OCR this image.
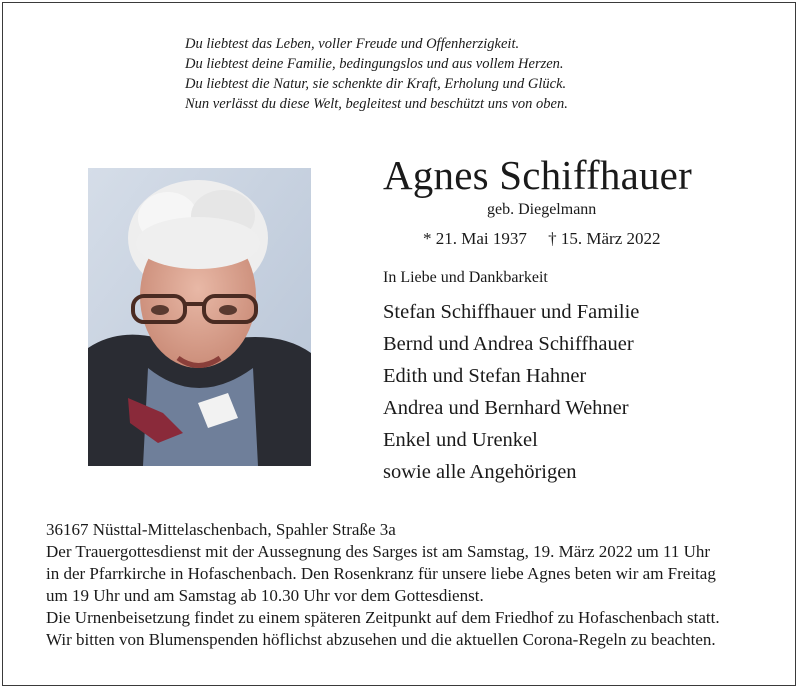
Du liebtest das Leben, voller Freude und Offenherzigkeit.
Du liebtest deine Familie, bedingungslos und aus vollem Herzen.
Du liebtest die Natur, sie schenkte dir Kraft, Erholung und Glück.
Nun verlässt du diese Welt, begleitest und beschützt uns von oben.
Agnes Schiffhauer
geb. Diegelmann
* 21. Mai 1937 † 15. März 2022
In Liebe und Dankbarkeit
Stefan Schiffhauer und Familie
Bernd und Andrea Schiffhauer
Edith und Stefan Hahner
Andrea und Bernhard Wehner
Enkel und Urenkel
sowie alle Angehörigen
36167 Nüsttal-Mittelaschenbach, Spahler Straße 3a
Der Trauergottesdienst mit der Aussegnung des Sarges ist am Samstag, 19. März 2022 um 11 Uhr
in der Pfarrkirche in Hofaschenbach. Den Rosenkranz für unsere liebe Agnes beten wir am Freitag
um 19 Uhr und am Samstag ab 10.30 Uhr vor dem Gottesdienst.
Die Urnenbeisetzung findet zu einem späteren Zeitpunkt auf dem Friedhof zu Hofaschenbach statt.
Wir bitten von Blumenspenden höflichst abzusehen und die aktuellen Corona-Regeln zu beachten.
